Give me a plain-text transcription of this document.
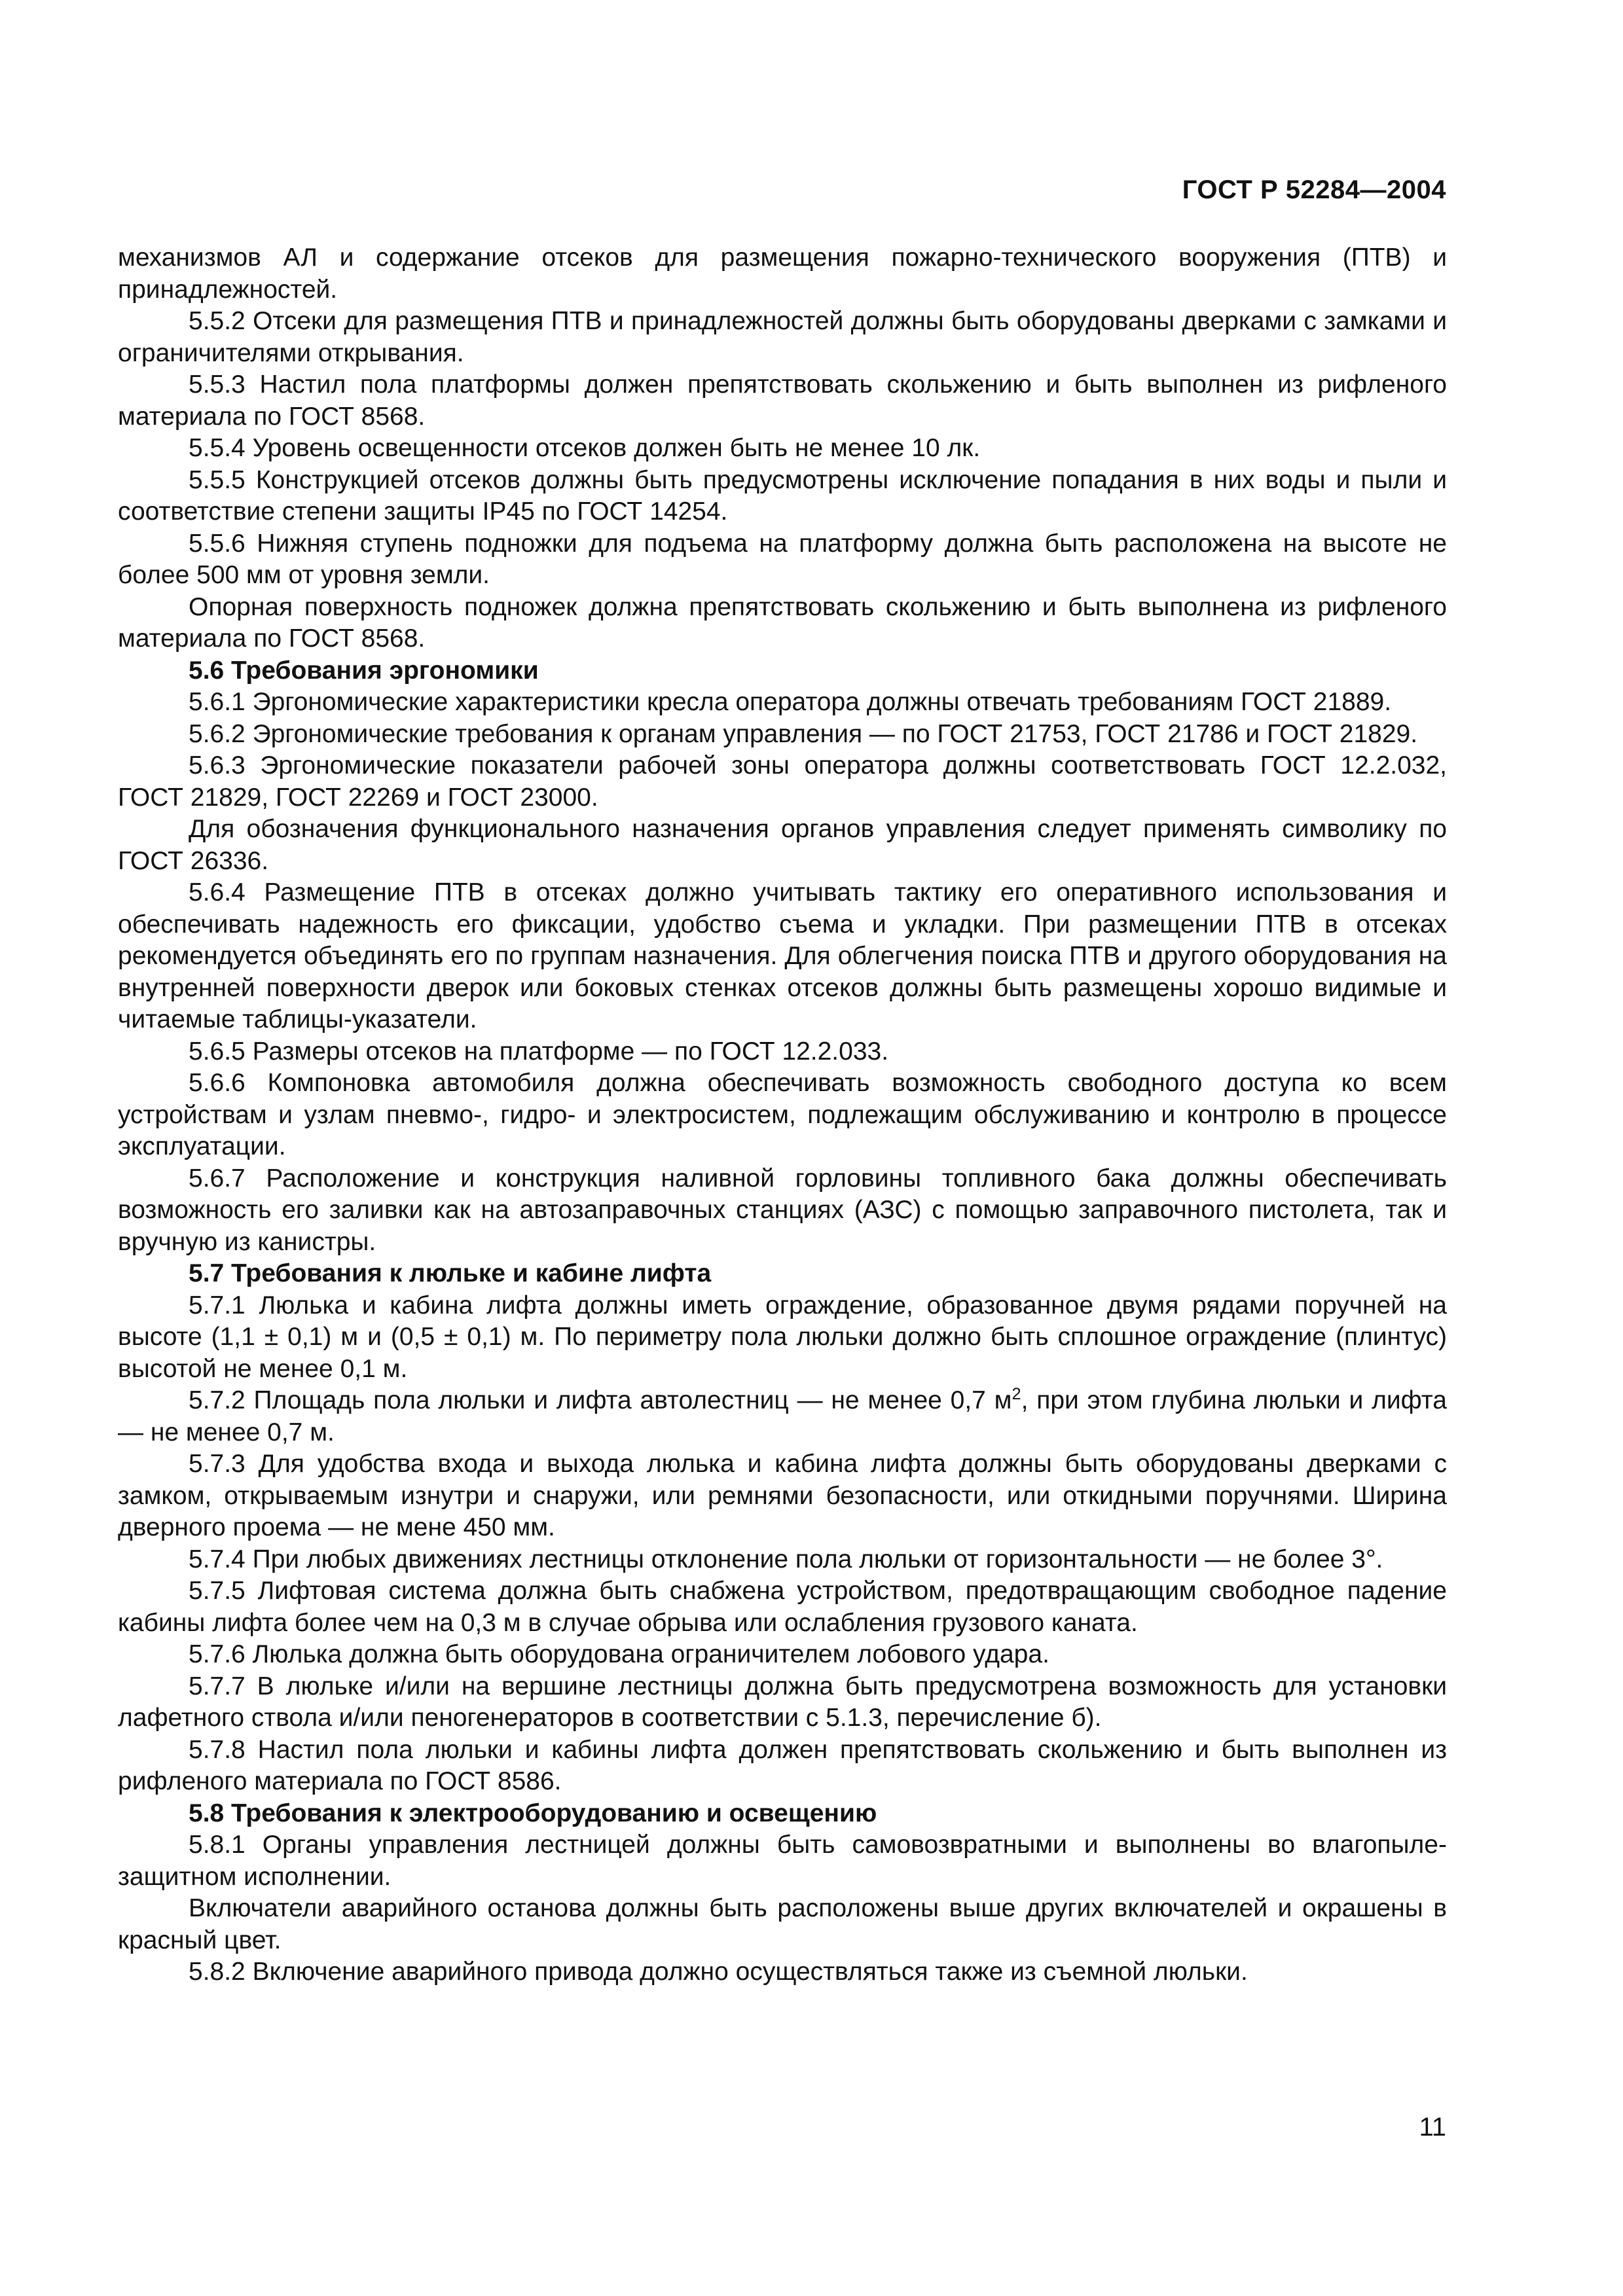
ГОСТ Р 52284—2004

механизмов АЛ и содержание отсеков для размещения пожарно-технического вооружения (ПТВ) и принадлежностей.

5.5.2 Отсеки для размещения ПТВ и принадлежностей должны быть оборудованы дверками с замками и ограничителями открывания.

5.5.3 Настил пола платформы должен препятствовать скольжению и быть выполнен из рифленого материала по ГОСТ 8568.

5.5.4 Уровень освещенности отсеков должен быть не менее 10 лк.

5.5.5 Конструкцией отсеков должны быть предусмотрены исключение попадания в них воды и пыли и соответствие степени защиты IP45 по ГОСТ 14254.

5.5.6 Нижняя ступень подножки для подъема на платформу должна быть расположена на высоте не более 500 мм от уровня земли.

Опорная поверхность подножек должна препятствовать скольжению и быть выполнена из рифленого материала по ГОСТ 8568.

5.6 Требования эргономики

5.6.1 Эргономические характеристики кресла оператора должны отвечать требованиям ГОСТ 21889.

5.6.2 Эргономические требования к органам управления — по ГОСТ 21753, ГОСТ 21786 и ГОСТ 21829.

5.6.3 Эргономические показатели рабочей зоны оператора должны соответствовать ГОСТ 12.2.032, ГОСТ 21829, ГОСТ 22269 и ГОСТ 23000.

Для обозначения функционального назначения органов управления следует применять символику по ГОСТ 26336.

5.6.4 Размещение ПТВ в отсеках должно учитывать тактику его оперативного использования и обеспечивать надежность его фиксации, удобство съема и укладки. При размещении ПТВ в отсеках рекомендуется объединять его по группам назначения. Для облегчения поиска ПТВ и другого оборудования на внутренней поверхности дверок или боковых стенках отсеков должны быть размещены хорошо видимые и читаемые таблицы-указатели.

5.6.5 Размеры отсеков на платформе — по ГОСТ 12.2.033.

5.6.6 Компоновка автомобиля должна обеспечивать возможность свободного доступа ко всем устройствам и узлам пневмо-, гидро- и электросистем, подлежащим обслуживанию и контролю в процессе эксплуатации.

5.6.7 Расположение и конструкция наливной горловины топливного бака должны обеспечивать возможность его заливки как на автозаправочных станциях (АЗС) с помощью заправочного пистолета, так и вручную из канистры.

5.7 Требования к люльке и кабине лифта

5.7.1 Люлька и кабина лифта должны иметь ограждение, образованное двумя рядами поручней на высоте (1,1 ± 0,1) м и (0,5 ± 0,1) м. По периметру пола люльки должно быть сплошное ограждение (плинтус) высотой не менее 0,1 м.

5.7.2 Площадь пола люльки и лифта автолестниц — не менее 0,7 $м^2$, при этом глубина люльки и лифта — не менее 0,7 м.

5.7.3 Для удобства входа и выхода люлька и кабина лифта должны быть оборудованы дверками с замком, открываемым изнутри и снаружи, или ремнями безопасности, или откидными поручнями. Ширина дверного проема — не мене 450 мм.

5.7.4 При любых движениях лестницы отклонение пола люльки от горизонтальности — не более 3°.

5.7.5 Лифтовая система должна быть снабжена устройством, предотвращающим свободное падение кабины лифта более чем на 0,3 м в случае обрыва или ослабления грузового каната.

5.7.6 Люлька должна быть оборудована ограничителем лобового удара.

5.7.7 В люльке и/или на вершине лестницы должна быть предусмотрена возможность для установки лафетного ствола и/или пеногенераторов в соответствии с 5.1.3, перечисление б).

5.7.8 Настил пола люльки и кабины лифта должен препятствовать скольжению и быть выполнен из рифленого материала по ГОСТ 8586.

5.8 Требования к электрооборудованию и освещению

5.8.1 Органы управления лестницей должны быть самовозвратными и выполнены во влагопылезащитном исполнении.

Включатели аварийного останова должны быть расположены выше других включателей и окрашены в красный цвет.

5.8.2 Включение аварийного привода должно осуществляться также из съемной люльки.

11
